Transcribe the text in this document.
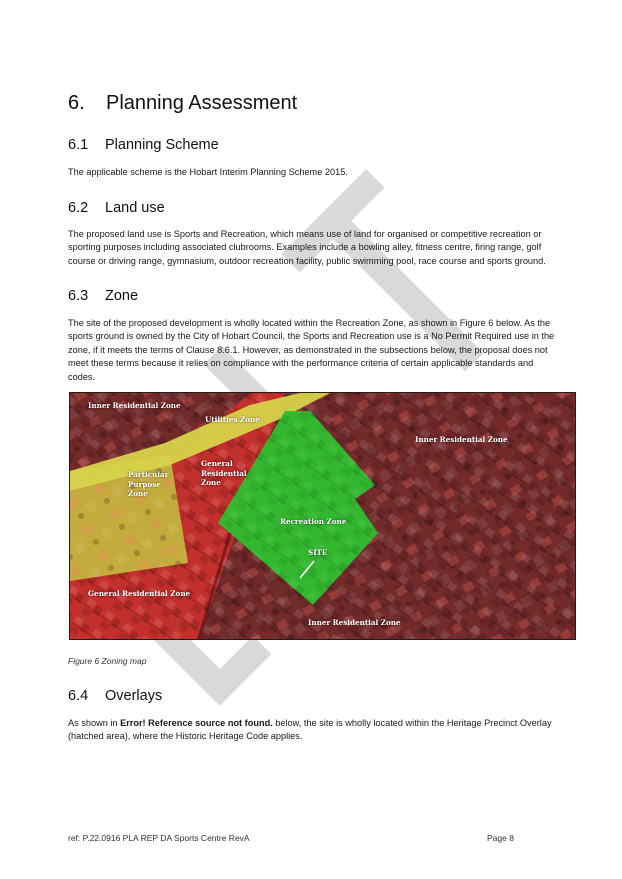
6. Planning Assessment
6.1 Planning Scheme
The applicable scheme is the Hobart Interim Planning Scheme 2015.
6.2 Land use
The proposed land use is Sports and Recreation, which means use of land for organised or competitive recreation or sporting purposes including associated clubrooms. Examples include a bowling alley, fitness centre, firing range, golf course or driving range, gymnasium, outdoor recreation facility, public swimming pool, race course and sports ground.
6.3 Zone
The site of the proposed development is wholly located within the Recreation Zone, as shown in Figure 6 below. As the sports ground is owned by the City of Hobart Council, the Sports and Recreation use is a No Permit Required use in the zone, if it meets the terms of Clause 8.6.1. However, as demonstrated in the subsections below, the proposal does not meet these terms because it relies on compliance with the performance criteria of certain applicable standards and codes.
Inner Residential Zone
Utilities Zone
Inner Residential Zone
Particular
Purpose
Zone
General
Residential
Zone
Recreation Zone
SITE
General Residential Zone
Inner Residential Zone
Figure 6 Zoning map
6.4 Overlays
As shown in Error! Reference source not found. below, the site is wholly located within the Heritage Precinct Overlay (hatched area), where the Historic Heritage Code applies.
ref: P.22.0916 PLA REP DA Sports Centre RevA	Page 8
